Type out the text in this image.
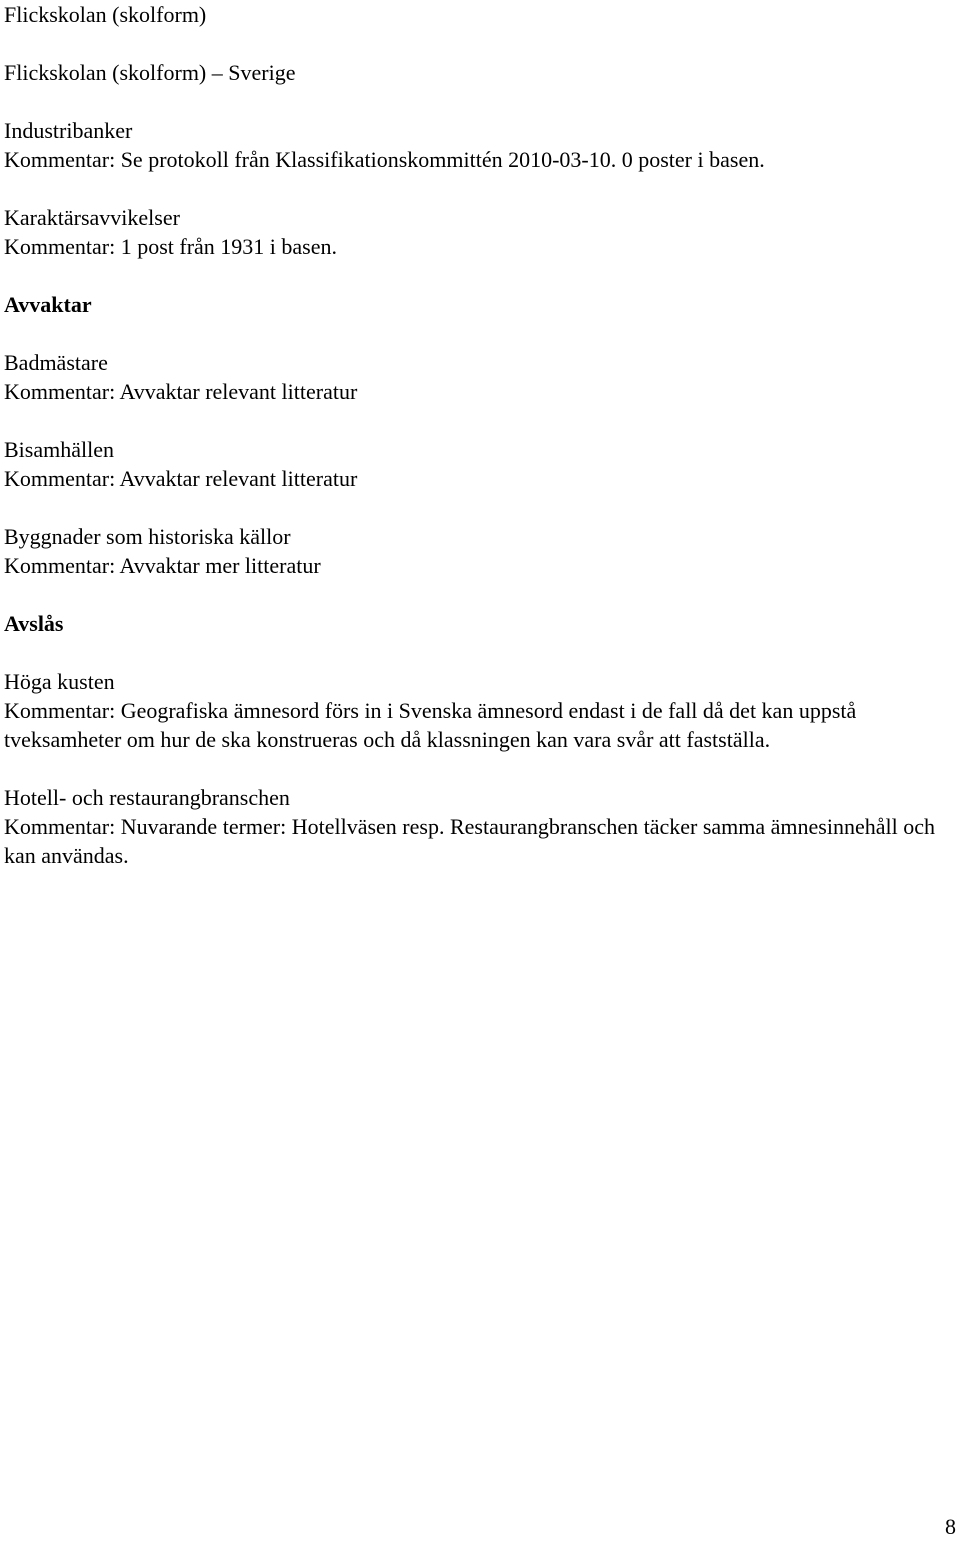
Flickskolan (skolform)
Flickskolan (skolform) – Sverige
Industribanker
Kommentar: Se protokoll från Klassifikationskommittén 2010-03-10. 0 poster i basen.
Karaktärsavvikelser
Kommentar: 1 post från 1931 i basen.
Avvaktar
Badmästare
Kommentar: Avvaktar relevant litteratur
Bisamhällen
Kommentar: Avvaktar relevant litteratur
Byggnader som historiska källor
Kommentar: Avvaktar mer litteratur
Avslås
Höga kusten
Kommentar: Geografiska ämnesord förs in i Svenska ämnesord endast i de fall då det kan uppstå tveksamheter om hur de ska konstrueras och då klassningen kan vara svår att fastställa.
Hotell- och restaurangbranschen
Kommentar: Nuvarande termer: Hotellväsen resp. Restaurangbranschen täcker samma ämnesinnehåll och kan användas.
8
